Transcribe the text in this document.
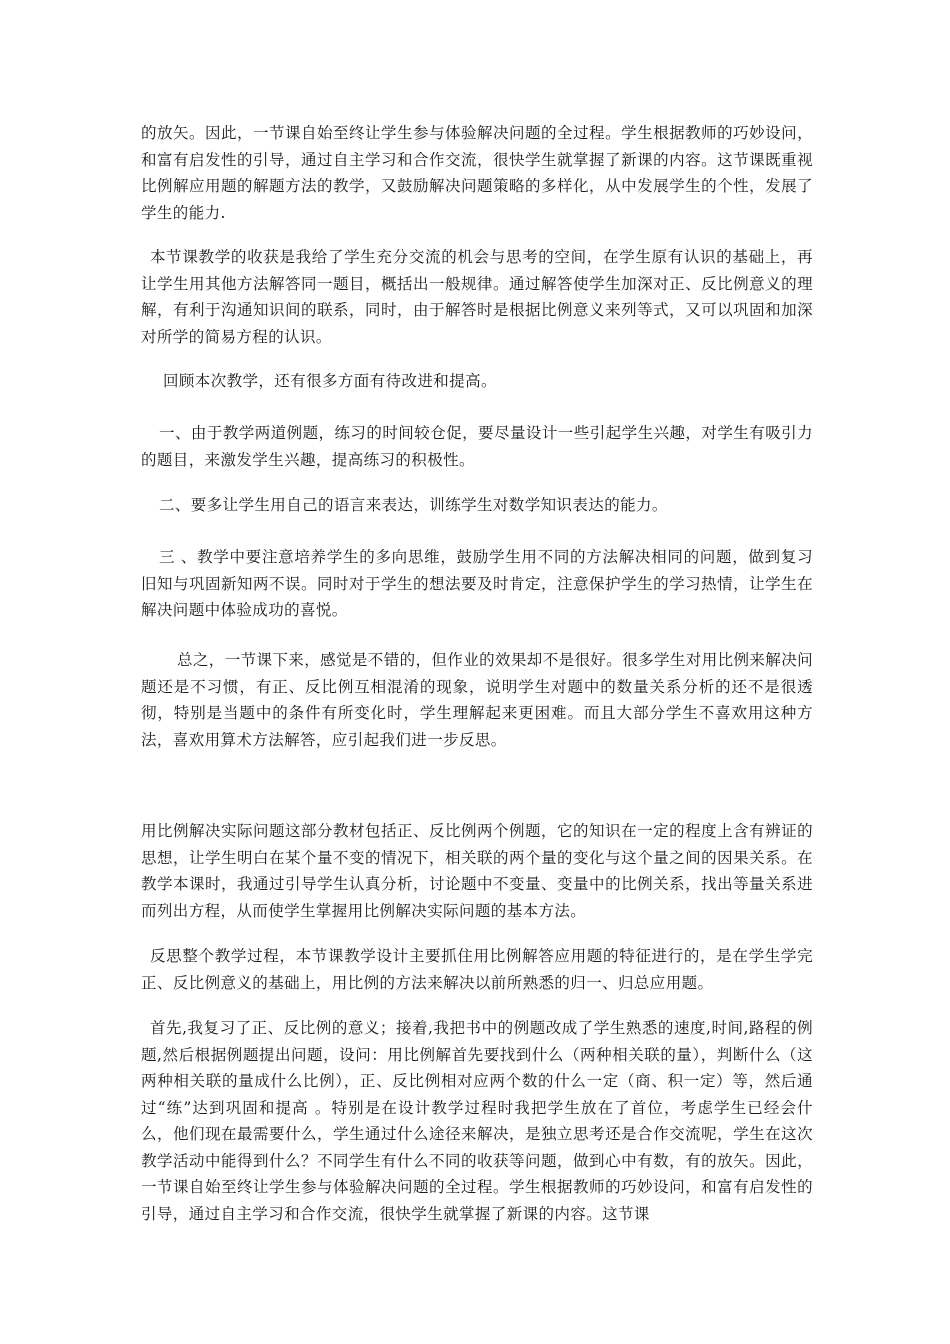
的放矢。因此，一节课自始至终让学生参与体验解决问题的全过程。学生根据教师的巧妙设问，和富有启发性的引导，通过自主学习和合作交流，很快学生就掌握了新课的内容。这节课既重视比例解应用题的解题方法的教学，又鼓励解决问题策略的多样化，从中发展学生的个性，发展了学生的能力.

本节课教学的收获是我给了学生充分交流的机会与思考的空间，在学生原有认识的基础上，再让学生用其他方法解答同一题目，概括出一般规律。通过解答使学生加深对正、反比例意义的理解，有利于沟通知识间的联系，同时，由于解答时是根据比例意义来列等式，又可以巩固和加深对所学的简易方程的认识。

回顾本次教学，还有很多方面有待改进和提高。

一、由于教学两道例题，练习的时间较仓促，要尽量设计一些引起学生兴趣，对学生有吸引力的题目，来激发学生兴趣，提高练习的积极性。

二、要多让学生用自己的语言来表达，训练学生对数学知识表达的能力。

三 、教学中要注意培养学生的多向思维，鼓励学生用不同的方法解决相同的问题，做到复习旧知与巩固新知两不误。同时对于学生的想法要及时肯定，注意保护学生的学习热情，让学生在解决问题中体验成功的喜悦。

总之，一节课下来，感觉是不错的，但作业的效果却不是很好。很多学生对用比例来解决问题还是不习惯，有正、反比例互相混淆的现象，说明学生对题中的数量关系分析的还不是很透彻，特别是当题中的条件有所变化时，学生理解起来更困难。而且大部分学生不喜欢用这种方法，喜欢用算术方法解答，应引起我们进一步反思。

用比例解决实际问题这部分教材包括正、反比例两个例题，它的知识在一定的程度上含有辨证的思想，让学生明白在某个量不变的情况下，相关联的两个量的变化与这个量之间的因果关系。在教学本课时，我通过引导学生认真分析，讨论题中不变量、变量中的比例关系，找出等量关系进而列出方程，从而使学生掌握用比例解决实际问题的基本方法。

反思整个教学过程，本节课教学设计主要抓住用比例解答应用题的特征进行的，是在学生学完正、反比例意义的基础上，用比例的方法来解决以前所熟悉的归一、归总应用题。

首先,我复习了正、反比例的意义；接着,我把书中的例题改成了学生熟悉的速度,时间,路程的例题,然后根据例题提出问题，设问：用比例解首先要找到什么（两种相关联的量），判断什么（这两种相关联的量成什么比例），正、反比例相对应两个数的什么一定（商、积一定）等，然后通过“练”达到巩固和提高 。特别是在设计教学过程时我把学生放在了首位，考虑学生已经会什么，他们现在最需要什么，学生通过什么途径来解决，是独立思考还是合作交流呢，学生在这次教学活动中能得到什么？不同学生有什么不同的收获等问题，做到心中有数，有的放矢。因此，一节课自始至终让学生参与体验解决问题的全过程。学生根据教师的巧妙设问，和富有启发性的引导，通过自主学习和合作交流，很快学生就掌握了新课的内容。这节课
